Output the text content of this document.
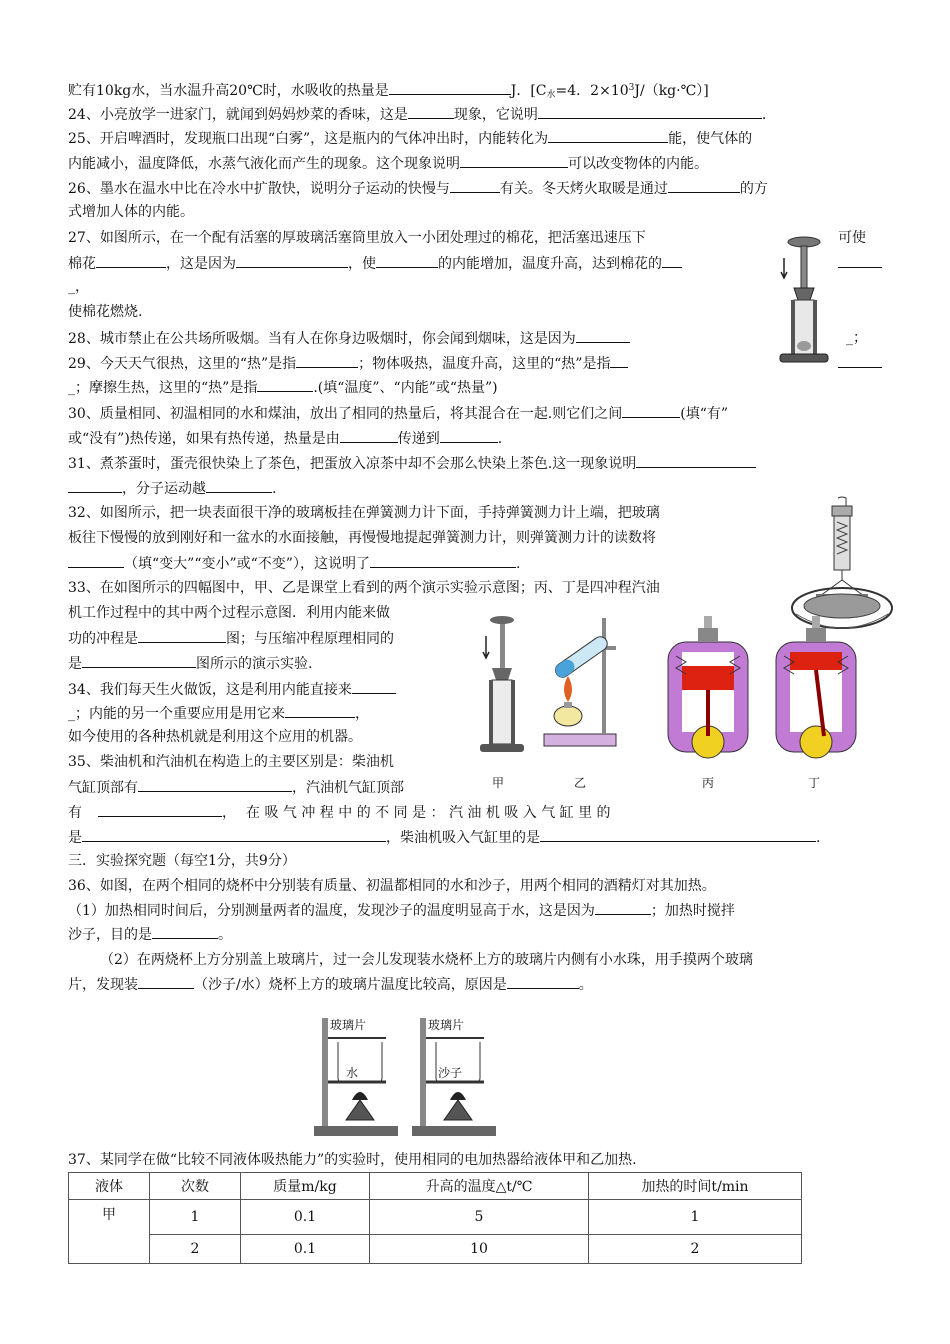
贮有10kg水，当水温升高20℃时，水吸收的热量是	J．[$C_水=4$．$2\times 10^3J/(kg\cdot℃)$]
24、小亮放学一进家门，就闻到妈妈炒菜的香味，这是	现象，它说明	．
25、开启啤酒时，发现瓶口出现“白雾”，这是瓶内的气体冲出时，内能转化为	能，使气体的
内能减小，温度降低，水蒸气液化而产生的现象。这个现象说明	可以改变物体的内能。
26、墨水在温水中比在冷水中扩散快，说明分子运动的快慢与	有关。冬天烤火取暖是通过	的方
式增加人体的内能。
27、如图所示，在一个配有活塞的厚玻璃活塞筒里放入一小团处理过的棉花，把活塞迅速压下	可使
棉花	，这是因为	，使	的内能增加，温度升高，达到棉花的
_，
使棉花燃烧.
28、城市禁止在公共场所吸烟。当有人在你身边吸烟时，你会闻到烟味，这是因为	_；
29、今天天气很热，这里的“热”是指	；物体吸热，温度升高，这里的“热”是指
_；摩擦生热，这里的“热”是指	.(填“温度”、“内能”或“热量”)
30、质量相同、初温相同的水和煤油，放出了相同的热量后，将其混合在一起.则它们之间	(填“有”
或“没有”)热传递，如果有热传递，热量是由	传递到	.
31、煮茶蛋时，蛋壳很快染上了茶色，把蛋放入凉茶中却不会那么快染上茶色.这一现象说明
，分子运动越	.
32、如图所示，把一块表面很干净的玻璃板挂在弹簧测力计下面，手持弹簧测力计上端，把玻璃
板往下慢慢的放到刚好和一盆水的水面接触，再慢慢地提起弹簧测力计，则弹簧测力计的读数将
（填“变大”“变小”或“不变”），这说明了	.
33、在如图所示的四幅图中，甲、乙是课堂上看到的两个演示实验示意图；丙、丁是四冲程汽油
机工作过程中的其中两个过程示意图．利用内能来做
功的冲程是	图；与压缩冲程原理相同的
是	图所示的演示实验.
34、我们每天生火做饭，这是利用内能直接来
_；内能的另一个重要应用是用它来	，
如今使用的各种热机就是利用这个应用的机器。
35、柴油机和汽油机在构造上的主要区别是：柴油机
气缸顶部有	，汽油机气缸顶部
有	， 在 吸 气 冲 程 中 的 不 同 是 ： 汽 油 机 吸 入 气 缸 里 的
是	，柴油机吸入气缸里的是	.
甲	乙	丙	丁
三．实验探究题（每空1分，共9分）
36、如图，在两个相同的烧杯中分别装有质量、初温都相同的水和沙子，用两个相同的酒精灯对其加热。
（1）加热相同时间后，分别测量两者的温度，发现沙子的温度明显高于水，这是因为	；加热时搅拌
沙子，目的是	。
（2）在两烧杯上方分别盖上玻璃片，过一会儿发现装水烧杯上方的玻璃片内侧有小水珠，用手摸两个玻璃
片，发现装	（沙子/水）烧杯上方的玻璃片温度比较高，原因是	。
玻璃片	玻璃片
水	沙子
37、某同学在做“比较不同液体吸热能力”的实验时，使用相同的电加热器给液体甲和乙加热.
液体	次数	质量m/kg	升高的温度△t/℃	加热的时间t/min
甲	1	0.1	5	1
	2	0.1	10	2
